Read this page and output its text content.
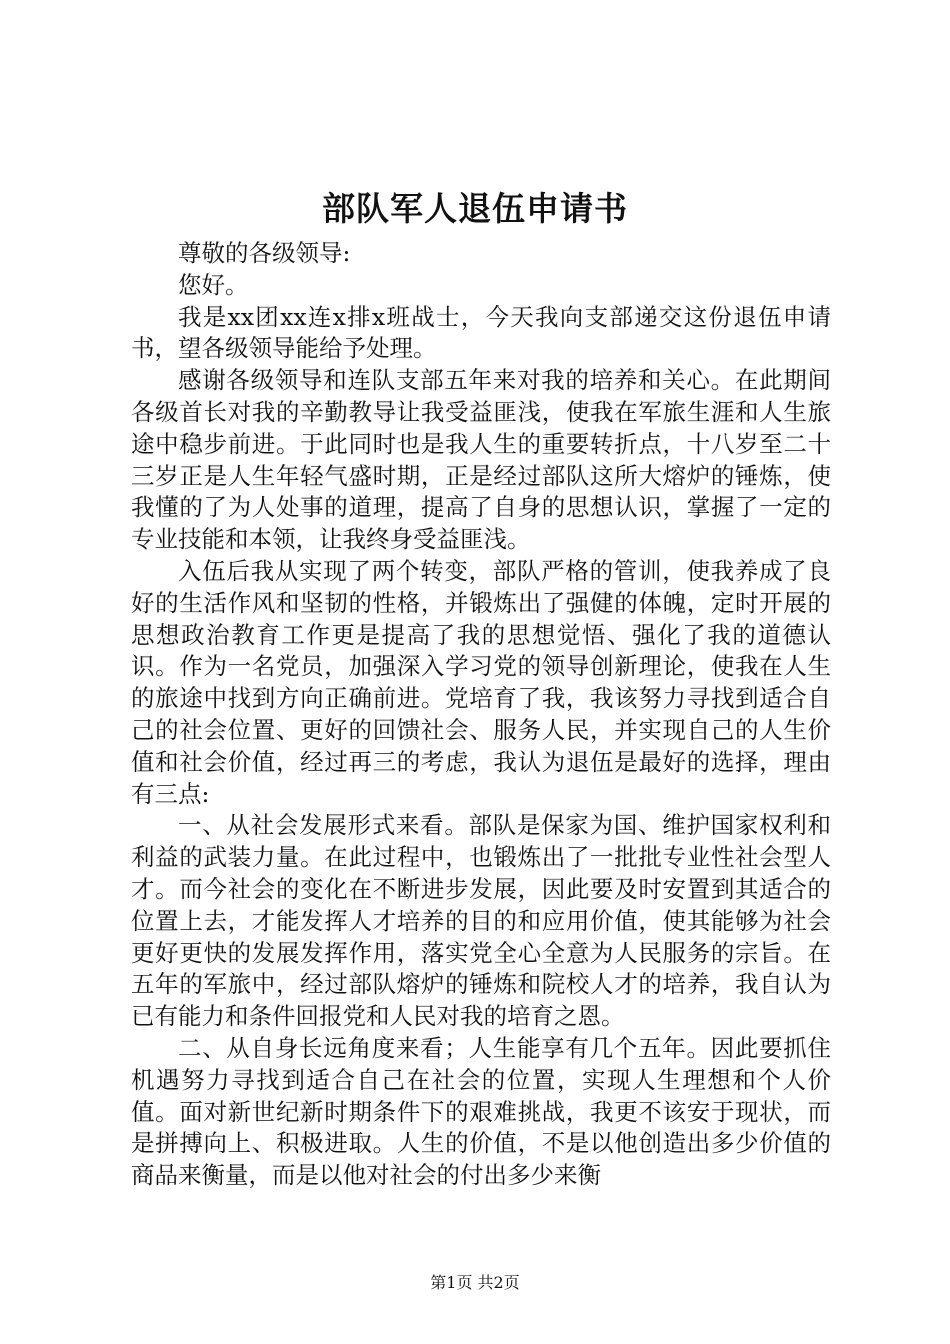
部队军人退伍申请书

尊敬的各级领导:

您好。

我是xx团xx连x排x班战士，今天我向支部递交这份退伍申请书，望各级领导能给予处理。

感谢各级领导和连队支部五年来对我的培养和关心。在此期间各级首长对我的辛勤教导让我受益匪浅，使我在军旅生涯和人生旅途中稳步前进。于此同时也是我人生的重要转折点，十八岁至二十三岁正是人生年轻气盛时期，正是经过部队这所大熔炉的锤炼，使我懂的了为人处事的道理，提高了自身的思想认识，掌握了一定的专业技能和本领，让我终身受益匪浅。

入伍后我从实现了两个转变，部队严格的管训，使我养成了良好的生活作风和坚韧的性格，并锻炼出了强健的体魄，定时开展的思想政治教育工作更是提高了我的思想觉悟、强化了我的道德认识。作为一名党员，加强深入学习党的领导创新理论，使我在人生的旅途中找到方向正确前进。党培育了我，我该努力寻找到适合自己的社会位置、更好的回馈社会、服务人民，并实现自己的人生价值和社会价值，经过再三的考虑，我认为退伍是最好的选择，理由有三点:

一、从社会发展形式来看。部队是保家为国、维护国家权利和利益的武装力量。在此过程中，也锻炼出了一批批专业性社会型人才。而今社会的变化在不断进步发展，因此要及时安置到其适合的位置上去，才能发挥人才培养的目的和应用价值，使其能够为社会更好更快的发展发挥作用，落实党全心全意为人民服务的宗旨。在五年的军旅中，经过部队熔炉的锤炼和院校人才的培养，我自认为已有能力和条件回报党和人民对我的培育之恩。

二、从自身长远角度来看；人生能享有几个五年。因此要抓住机遇努力寻找到适合自己在社会的位置，实现人生理想和个人价值。面对新世纪新时期条件下的艰难挑战，我更不该安于现状，而是拼搏向上、积极进取。人生的价值，不是以他创造出多少价值的商品来衡量，而是以他对社会的付出多少来衡

第1页 共2页
